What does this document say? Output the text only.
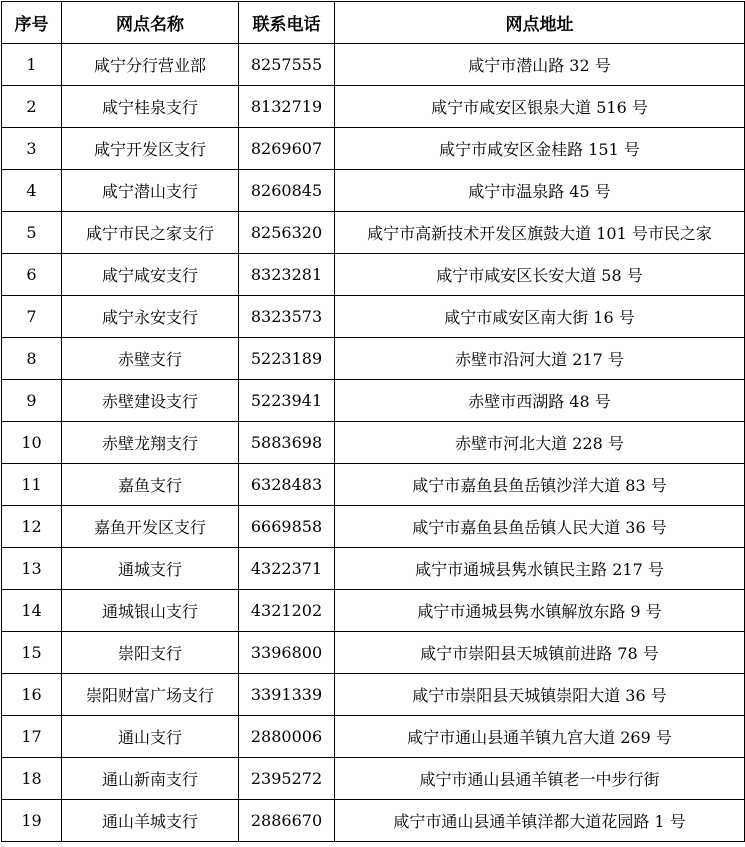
序号	网点名称	联系电话	网点地址
1	咸宁分行营业部	8257555	咸宁市潜山路 32 号
2	咸宁桂泉支行	8132719	咸宁市咸安区银泉大道 516 号
3	咸宁开发区支行	8269607	咸宁市咸安区金桂路 151 号
4	咸宁潜山支行	8260845	咸宁市温泉路 45 号
5	咸宁市民之家支行	8256320	咸宁市高新技术开发区旗鼓大道 101 号市民之家
6	咸宁咸安支行	8323281	咸宁市咸安区长安大道 58 号
7	咸宁永安支行	8323573	咸宁市咸安区南大街 16 号
8	赤壁支行	5223189	赤壁市沿河大道 217 号
9	赤壁建设支行	5223941	赤壁市西湖路 48 号
10	赤壁龙翔支行	5883698	赤壁市河北大道 228 号
11	嘉鱼支行	6328483	咸宁市嘉鱼县鱼岳镇沙洋大道 83 号
12	嘉鱼开发区支行	6669858	咸宁市嘉鱼县鱼岳镇人民大道 36 号
13	通城支行	4322371	咸宁市通城县隽水镇民主路 217 号
14	通城银山支行	4321202	咸宁市通城县隽水镇解放东路 9 号
15	崇阳支行	3396800	咸宁市崇阳县天城镇前进路 78 号
16	崇阳财富广场支行	3391339	咸宁市崇阳县天城镇崇阳大道 36 号
17	通山支行	2880006	咸宁市通山县通羊镇九宫大道 269 号
18	通山新南支行	2395272	咸宁市通山县通羊镇老一中步行街
19	通山羊城支行	2886670	咸宁市通山县通羊镇洋都大道花园路 1 号
